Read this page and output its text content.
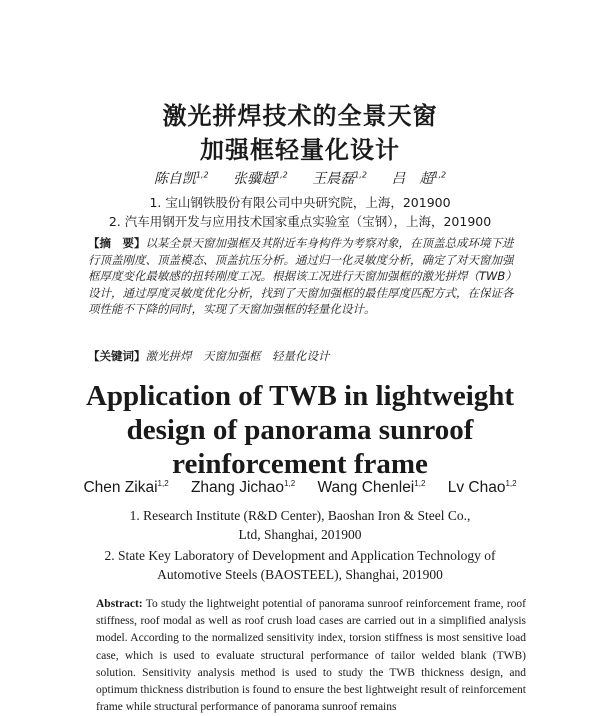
激光拼焊技术的全景天窗
加强框轻量化设计
陈自凯$^{1,2}$ 张骥超$^{1,2}$ 王晨磊$^{1,2}$ 吕　超$^{1,2}$
1. 宝山钢铁股份有限公司中央研究院，上海，201900
2. 汽车用钢开发与应用技术国家重点实验室（宝钢），上海，201900
【摘　要】以某全景天窗加强框及其附近车身构件为考察对象，在顶盖总成环境下进行顶盖刚度、顶盖模态、顶盖抗压分析。通过归一化灵敏度分析，确定了对天窗加强框厚度变化最敏感的扭转刚度工况。根据该工况进行天窗加强框的激光拼焊（TWB）设计，通过厚度灵敏度优化分析，找到了天窗加强框的最佳厚度匹配方式，在保证各项性能不下降的同时，实现了天窗加强框的轻量化设计。
【关键词】激光拼焊　天窗加强框　轻量化设计
Application of TWB in lightweight
design of panorama sunroof
reinforcement frame
Chen Zikai$^{1,2}$ Zhang Jichao$^{1,2}$ Wang Chenlei$^{1,2}$ Lv Chao$^{1,2}$
1. Research Institute (R&D Center), Baoshan Iron & Steel Co.,
Ltd, Shanghai, 201900
2. State Key Laboratory of Development and Application Technology of
Automotive Steels (BAOSTEEL), Shanghai, 201900
Abstract: To study the lightweight potential of panorama sunroof reinforcement frame, roof stiffness, roof modal as well as roof crush load cases are carried out in a simplified analysis model. According to the normalized sensitivity index, torsion stiffness is most sensitive load case, which is used to evaluate structural performance of tailor welded blank (TWB) solution. Sensitivity analysis method is used to study the TWB thickness design, and optimum thickness distribution is found to ensure the best lightweight result of reinforcement frame while structural performance of panorama sunroof remains
